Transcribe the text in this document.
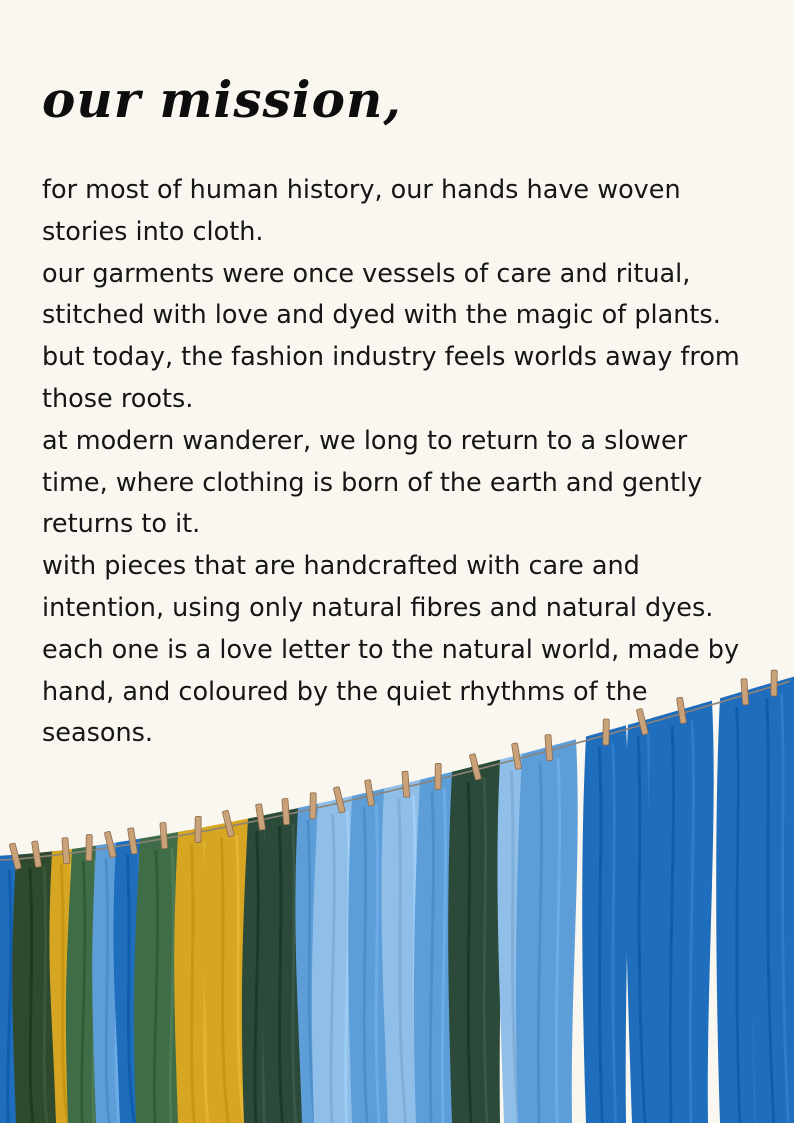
our mission,

for most of human history, our hands have woven

stories into cloth.

our garments were once vessels of care and ritual,

stitched with love and dyed with the magic of plants.

but today, the fashion industry feels worlds away from

those roots.

at modern wanderer, we long to return to a slower

time, where clothing is born of the earth and gently

returns to it.

with pieces that are handcrafted with care and

intention, using only natural fibres and natural dyes.

each one is a love letter to the natural world, made by

hand, and coloured by the quiet rhythms of the

seasons.
